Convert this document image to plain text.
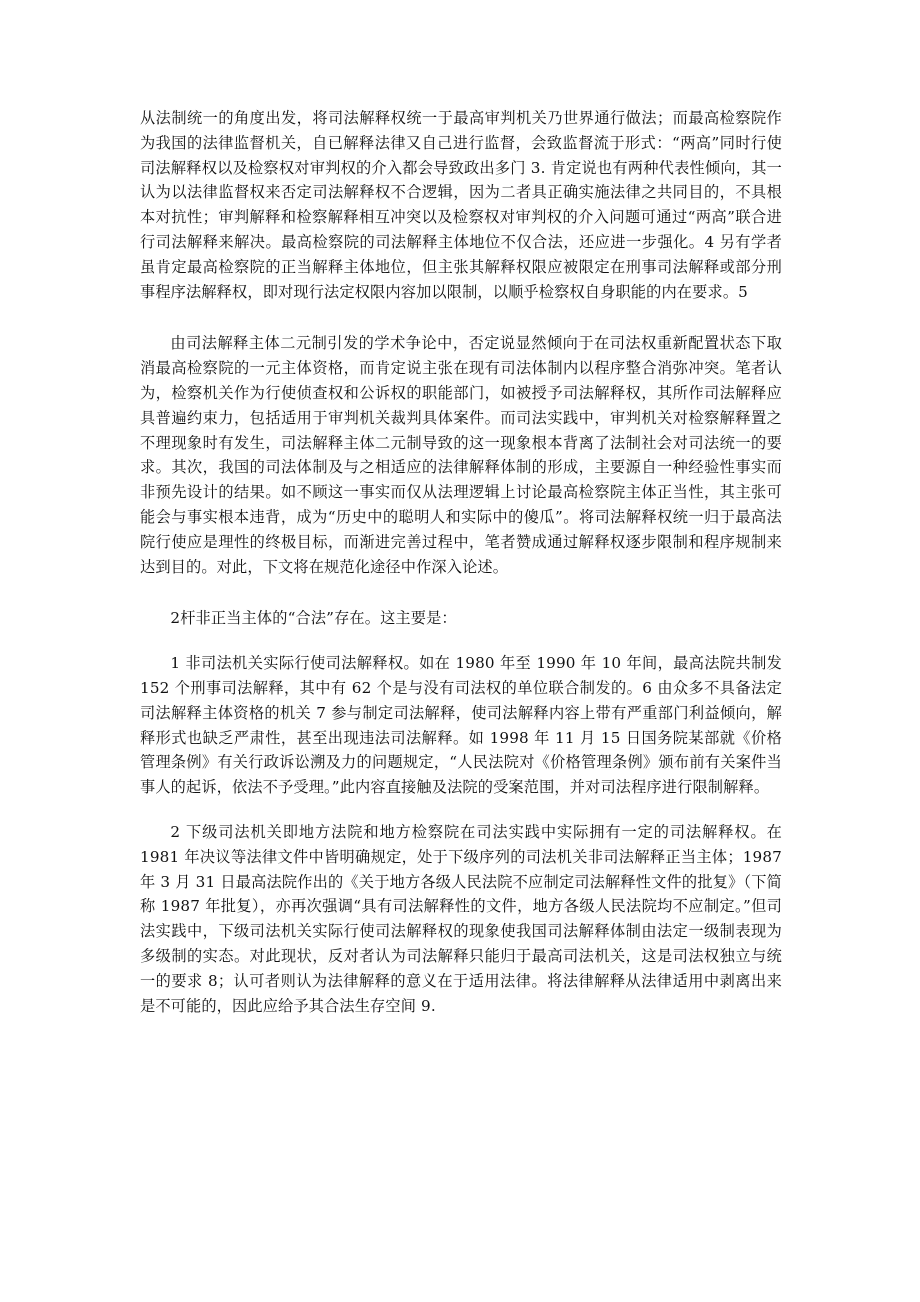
从法制统一的角度出发，将司法解释权统一于最高审判机关乃世界通行做法；而最高检察院作为我国的法律监督机关，自已解释法律又自己进行监督，会致监督流于形式：“两高”同时行使司法解释权以及检察权对审判权的介入都会导致政出多门 3. 肯定说也有两种代表性倾向，其一认为以法律监督权来否定司法解释权不合逻辑，因为二者具正确实施法律之共同目的，不具根本对抗性；审判解释和检察解释相互冲突以及检察权对审判权的介入问题可通过“两高”联合进行司法解释来解决。最高检察院的司法解释主体地位不仅合法，还应进一步强化。4 另有学者虽肯定最高检察院的正当解释主体地位，但主张其解释权限应被限定在刑事司法解释或部分刑事程序法解释权，即对现行法定权限内容加以限制，以顺乎检察权自身职能的内在要求。5

由司法解释主体二元制引发的学术争论中，否定说显然倾向于在司法权重新配置状态下取消最高检察院的一元主体资格，而肯定说主张在现有司法体制内以程序整合消弥冲突。笔者认为，检察机关作为行使侦查权和公诉权的职能部门，如被授予司法解释权，其所作司法解释应具普遍约束力，包括适用于审判机关裁判具体案件。而司法实践中，审判机关对检察解释置之不理现象时有发生，司法解释主体二元制导致的这一现象根本背离了法制社会对司法统一的要求。其次，我国的司法体制及与之相适应的法律解释体制的形成，主要源自一种经验性事实而非预先设计的结果。如不顾这一事实而仅从法理逻辑上讨论最高检察院主体正当性，其主张可能会与事实根本违背，成为“历史中的聪明人和实际中的傻瓜”。将司法解释权统一归于最高法院行使应是理性的终极目标，而渐进完善过程中，笔者赞成通过解释权逐步限制和程序规制来达到目的。对此，下文将在规范化途径中作深入论述。

2杆非正当主体的“合法”存在。这主要是：

1 非司法机关实际行使司法解释权。如在 1980 年至 1990 年 10 年间，最高法院共制发 152 个刑事司法解释，其中有 62 个是与没有司法权的单位联合制发的。6 由众多不具备法定司法解释主体资格的机关 7 参与制定司法解释，使司法解释内容上带有严重部门利益倾向，解释形式也缺乏严肃性，甚至出现违法司法解释。如 1998 年 11 月 15 日国务院某部就《价格管理条例》有关行政诉讼溯及力的问题规定，“人民法院对《价格管理条例》颁布前有关案件当事人的起诉，依法不予受理。”此内容直接触及法院的受案范围，并对司法程序进行限制解释。

2 下级司法机关即地方法院和地方检察院在司法实践中实际拥有一定的司法解释权。在 1981 年决议等法律文件中皆明确规定，处于下级序列的司法机关非司法解释正当主体；1987 年 3 月 31 日最高法院作出的《关于地方各级人民法院不应制定司法解释性文件的批复》（下简称 1987 年批复），亦再次强调“具有司法解释性的文件，地方各级人民法院均不应制定。”但司法实践中，下级司法机关实际行使司法解释权的现象使我国司法解释体制由法定一级制表现为多级制的实态。对此现状，反对者认为司法解释只能归于最高司法机关，这是司法权独立与统一的要求 8；认可者则认为法律解释的意义在于适用法律。将法律解释从法律适用中剥离出来是不可能的，因此应给予其合法生存空间 9.
